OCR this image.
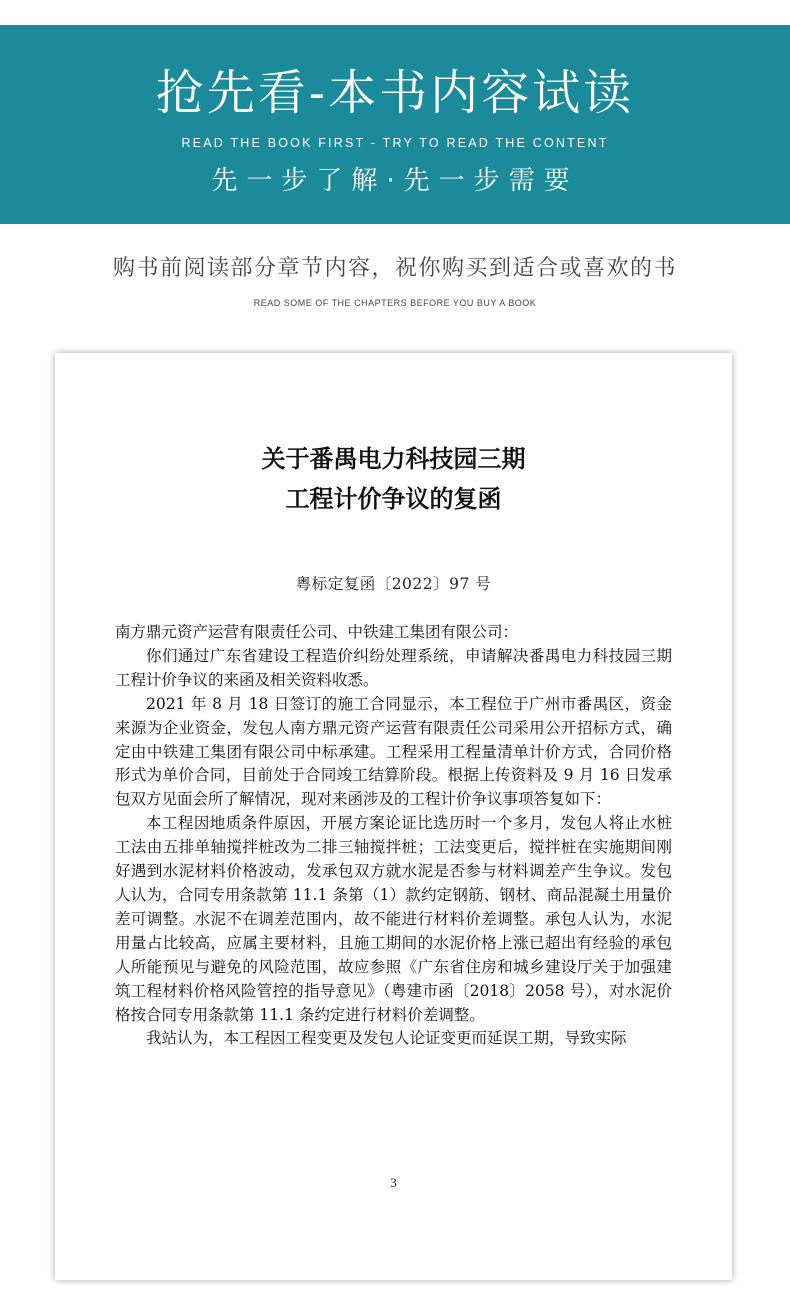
抢先看-本书内容试读
READ THE BOOK FIRST - TRY TO READ THE CONTENT
先一步了解·先一步需要
购书前阅读部分章节内容，祝你购买到适合或喜欢的书
READ SOME OF THE CHAPTERS BEFORE YOU BUY A BOOK
关于番禺电力科技园三期
工程计价争议的复函
粤标定复函〔2022〕97 号

南方鼎元资产运营有限责任公司、中铁建工集团有限公司：

你们通过广东省建设工程造价纠纷处理系统，申请解决番禺电力科技园三期工程计价争议的来函及相关资料收悉。

2021 年 8 月 18 日签订的施工合同显示，本工程位于广州市番禺区，资金来源为企业资金，发包人南方鼎元资产运营有限责任公司采用公开招标方式，确定由中铁建工集团有限公司中标承建。工程采用工程量清单计价方式，合同价格形式为单价合同，目前处于合同竣工结算阶段。根据上传资料及 9 月 16 日发承包双方见面会所了解情况，现对来函涉及的工程计价争议事项答复如下：

本工程因地质条件原因，开展方案论证比选历时一个多月，发包人将止水桩工法由五排单轴搅拌桩改为二排三轴搅拌桩；工法变更后，搅拌桩在实施期间刚好遇到水泥材料价格波动，发承包双方就水泥是否参与材料调差产生争议。发包人认为，合同专用条款第 11.1 条第（1）款约定钢筋、钢材、商品混凝土用量价差可调整。水泥不在调差范围内，故不能进行材料价差调整。承包人认为，水泥用量占比较高，应属主要材料，且施工期间的水泥价格上涨已超出有经验的承包人所能预见与避免的风险范围，故应参照《广东省住房和城乡建设厅关于加强建筑工程材料价格风险管控的指导意见》（粤建市函〔2018〕2058 号），对水泥价格按合同专用条款第 11.1 条约定进行材料价差调整。

我站认为，本工程因工程变更及发包人论证变更而延误工期，导致实际

3
